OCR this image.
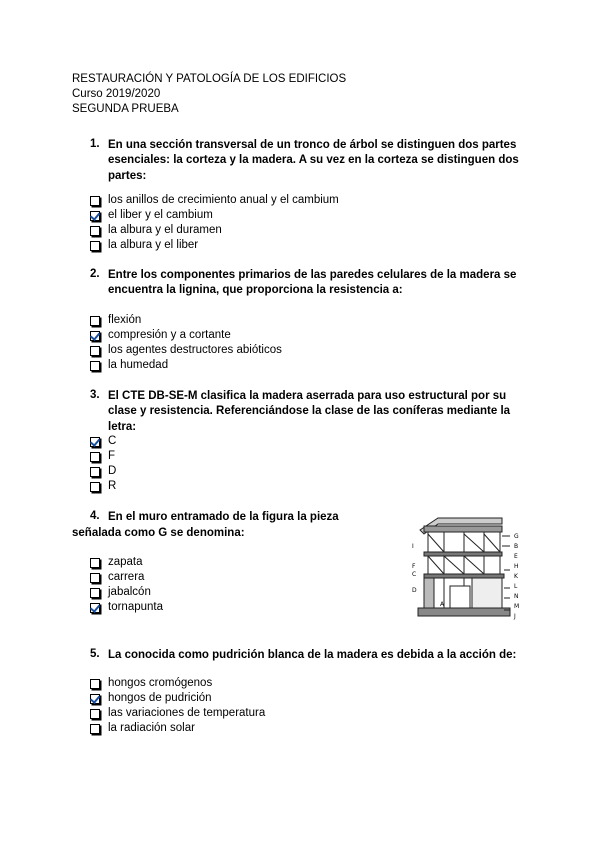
RESTAURACIÓN Y PATOLOGÍA DE LOS EDIFICIOS
Curso 2019/2020
SEGUNDA PRUEBA
1. En una sección transversal de un tronco de árbol se distinguen dos partes esenciales: la corteza y la madera. A su vez en la corteza se distinguen dos partes:
los anillos de crecimiento anual y el cambium
el liber y el cambium
la albura y el duramen
la albura y el liber
2. Entre los componentes primarios de las paredes celulares de la madera se encuentra la lignina, que proporciona la resistencia a:
flexión
compresión y a cortante
los agentes destructores abióticos
la humedad
3. El CTE DB-SE-M clasifica la madera aserrada para uso estructural por su clase y resistencia. Referenciándose la clase de las coníferas mediante la letra:
C
F
D
R
4. En el muro entramado de la figura la pieza
señalada como G se denomina:
zapata
carrera
jabalcón
tornapunta
G
B
E
I
F
C
D
A
H
K
L
N
M
J
5. La conocida como pudrición blanca de la madera es debida a la acción de:
hongos cromógenos
hongos de pudrición
las variaciones de temperatura
la radiación solar
